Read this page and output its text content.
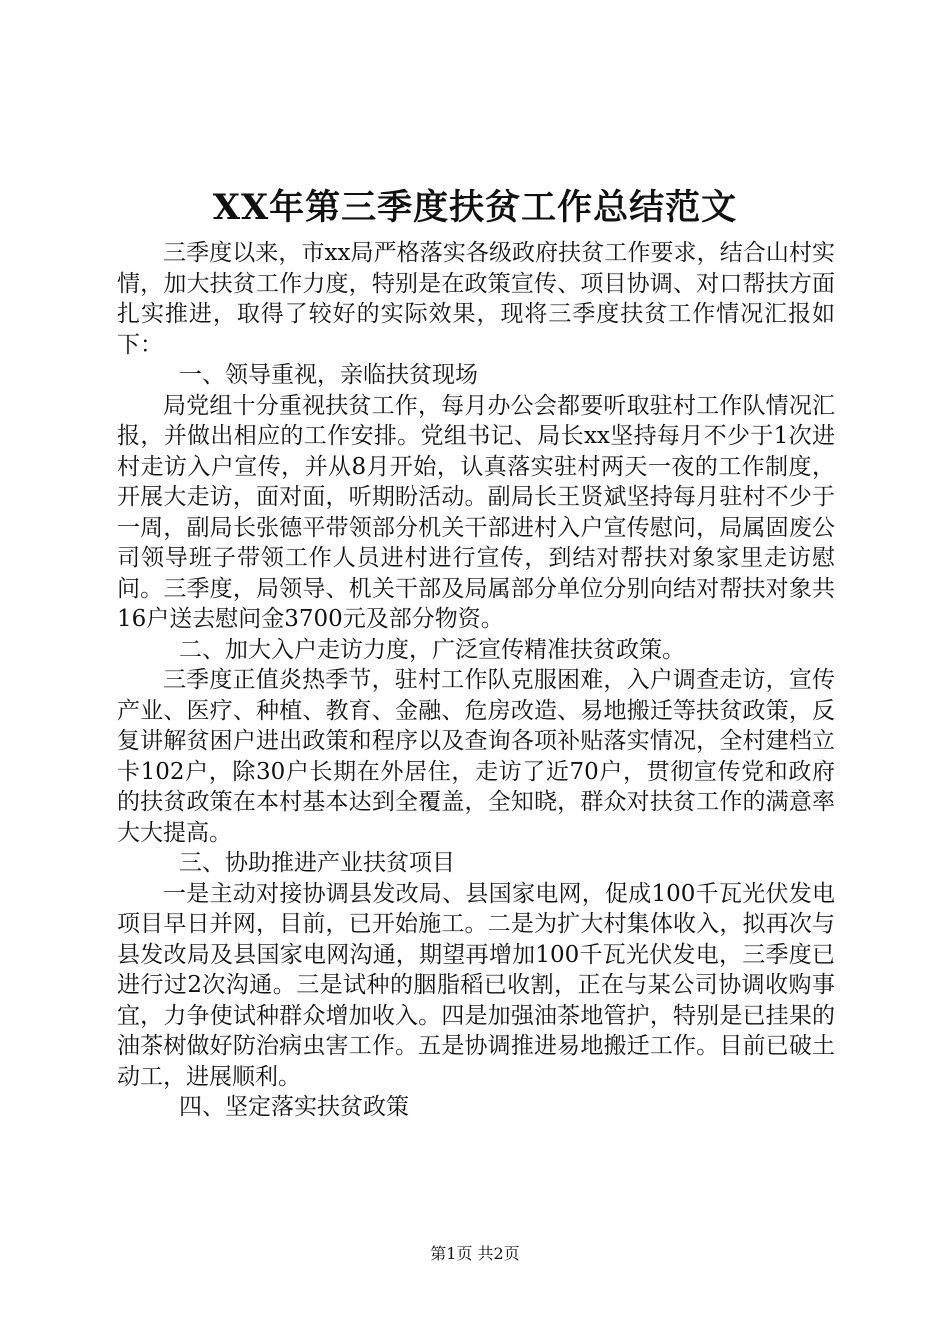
XX年第三季度扶贫工作总结范文

三季度以来，市xx局严格落实各级政府扶贫工作要求，结合山村实情，加大扶贫工作力度，特别是在政策宣传、项目协调、对口帮扶方面扎实推进，取得了较好的实际效果，现将三季度扶贫工作情况汇报如下：

一、领导重视，亲临扶贫现场

局党组十分重视扶贫工作，每月办公会都要听取驻村工作队情况汇报，并做出相应的工作安排。党组书记、局长xx坚持每月不少于1次进村走访入户宣传，并从8月开始，认真落实驻村两天一夜的工作制度，开展大走访，面对面，听期盼活动。副局长王贤斌坚持每月驻村不少于一周，副局长张德平带领部分机关干部进村入户宣传慰问，局属固废公司领导班子带领工作人员进村进行宣传，到结对帮扶对象家里走访慰问。三季度，局领导、机关干部及局属部分单位分别向结对帮扶对象共16户送去慰问金3700元及部分物资。

二、加大入户走访力度，广泛宣传精准扶贫政策。

三季度正值炎热季节，驻村工作队克服困难，入户调查走访，宣传产业、医疗、种植、教育、金融、危房改造、易地搬迁等扶贫政策，反复讲解贫困户进出政策和程序以及查询各项补贴落实情况，全村建档立卡102户，除30户长期在外居住，走访了近70户，贯彻宣传党和政府的扶贫政策在本村基本达到全覆盖，全知晓，群众对扶贫工作的满意率大大提高。

三、协助推进产业扶贫项目

一是主动对接协调县发改局、县国家电网，促成100千瓦光伏发电项目早日并网，目前，已开始施工。二是为扩大村集体收入，拟再次与县发改局及县国家电网沟通，期望再增加100千瓦光伏发电，三季度已进行过2次沟通。三是试种的胭脂稻已收割，正在与某公司协调收购事宜，力争使试种群众增加收入。四是加强油茶地管护，特别是已挂果的油茶树做好防治病虫害工作。五是协调推进易地搬迁工作。目前已破土动工，进展顺利。

四、坚定落实扶贫政策

第1页 共2页
